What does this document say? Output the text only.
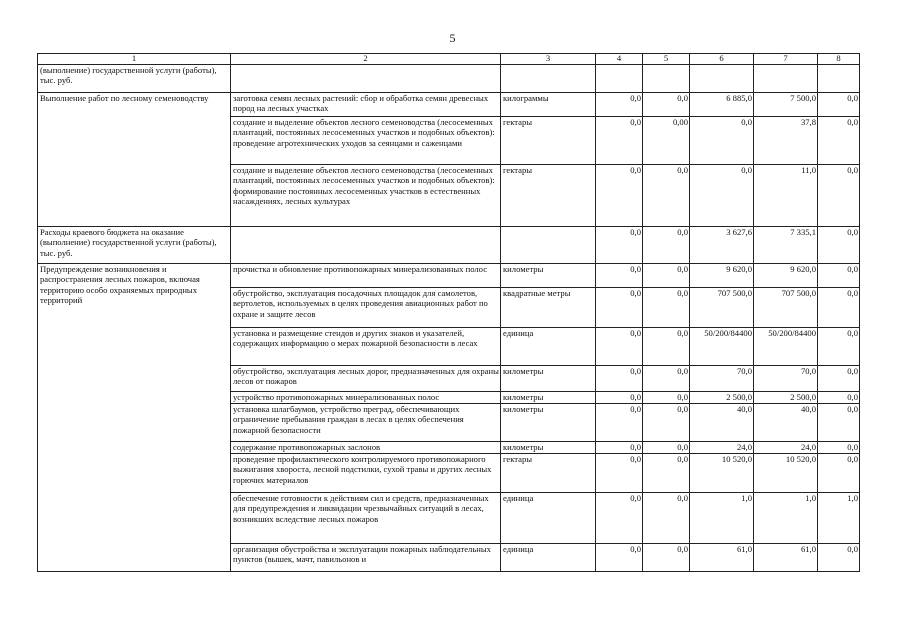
5
1	2	3	4	5	6	7	8
(выполнение) государственной услуги (работы), тыс. руб.							
Выполнение работ по лесному семеноводству	заготовка семян лесных растений: сбор и обработка семян древесных пород на лесных участках	килограммы	0,0	0,0	6 885,0	7 500,0	0,0
	создание и выделение объектов лесного семеноводства (лесосеменных плантаций, постоянных лесосеменных участков и подобных объектов): проведение агротехнических уходов за сеянцами и саженцами	гектары	0,0	0,00	0,0	37,8	0,0
	создание и выделение объектов лесного семеноводства (лесосеменных плантаций, постоянных лесосеменных участков и подобных объектов): формирование постоянных лесосеменных участков в естественных насаждениях, лесных культурах	гектары	0,0	0,0	0,0	11,0	0,0
Расходы краевого бюджета на оказание (выполнение) государственной услуги (работы), тыс. руб.			0,0	0,0	3 627,6	7 335,1	0,0
Предупреждение возникновения и распространения лесных пожаров, включая территорию особо охраняемых природных территорий	прочистка и обновление противопожарных минерализованных полос	километры	0,0	0,0	9 620,0	9 620,0	0,0
	обустройство, эксплуатация посадочных площадок для самолетов, вертолетов, используемых в целях проведения авиационных работ по охране и защите лесов	квадратные метры	0,0	0,0	707 500,0	707 500,0	0,0
	установка и размещение стендов и других знаков и указателей, содержащих информацию о мерах пожарной безопасности в лесах	единица	0,0	0,0	50/200/84400	50/200/84400	0,0
	обустройство, эксплуатация лесных дорог, предназначенных для охраны лесов от пожаров	километры	0,0	0,0	70,0	70,0	0,0
	устройство противопожарных минерализованных полос	километры	0,0	0,0	2 500,0	2 500,0	0,0
	установка шлагбаумов, устройство преград, обеспечивающих ограничение пребывания граждан в лесах в целях обеспечения пожарной безопасности	километры	0,0	0,0	40,0	40,0	0,0
	содержание противопожарных заслонов	километры	0,0	0,0	24,0	24,0	0,0
	проведение профилактического контролируемого противопожарного выжигания хвороста, лесной подстилки, сухой травы и других лесных горючих материалов	гектары	0,0	0,0	10 520,0	10 520,0	0,0
	обеспечение готовности к действиям сил и средств, предназначенных для предупреждения и ликвидации чрезвычайных ситуаций в лесах, возникших вследствие лесных пожаров	единица	0,0	0,0	1,0	1,0	1,0
	организация обустройства и эксплуатации пожарных наблюдательных пунктов (вышек, мачт, павильонов и	единица	0,0	0,0	61,0	61,0	0,0
